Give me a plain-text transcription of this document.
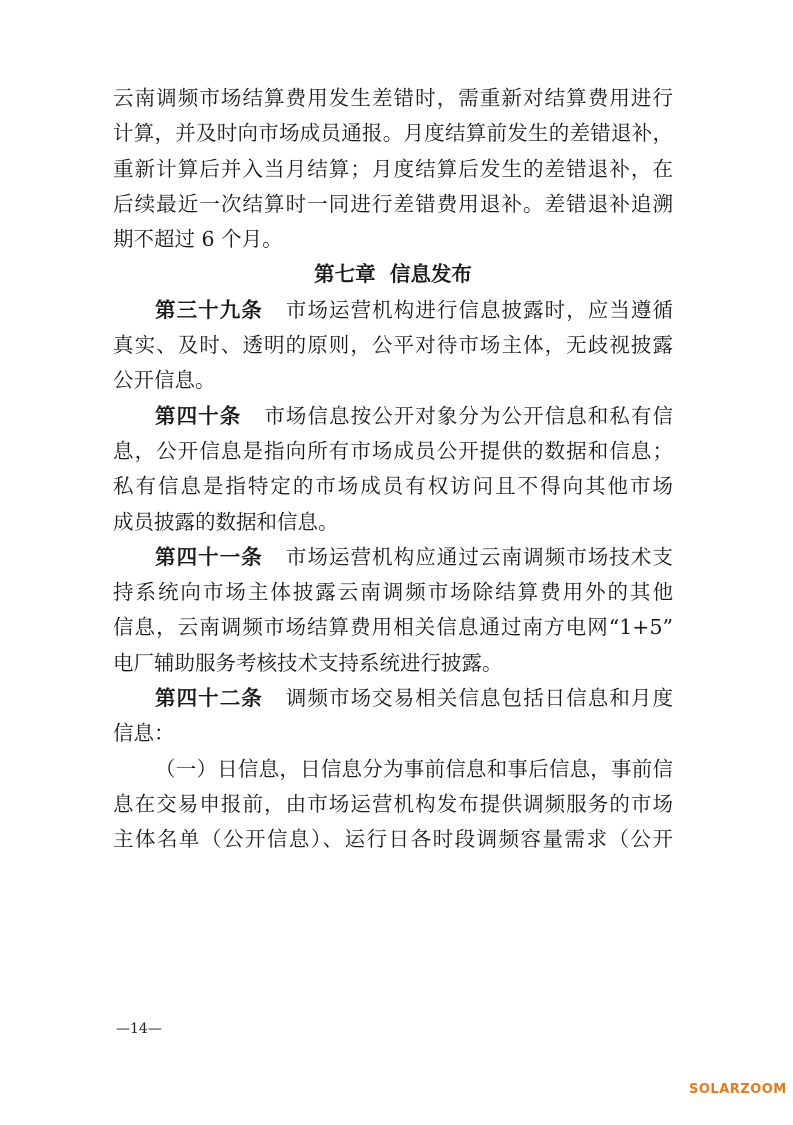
云南调频市场结算费用发生差错时，需重新对结算费用进行
计算，并及时向市场成员通报。月度结算前发生的差错退补，
重新计算后并入当月结算；月度结算后发生的差错退补，在
后续最近一次结算时一同进行差错费用退补。差错退补追溯
期不超过 6 个月。
第七章  信息发布
第三十九条 市场运营机构进行信息披露时，应当遵循
真实、及时、透明的原则，公平对待市场主体，无歧视披露
公开信息。
第四十条 市场信息按公开对象分为公开信息和私有信
息，公开信息是指向所有市场成员公开提供的数据和信息；
私有信息是指特定的市场成员有权访问且不得向其他市场
成员披露的数据和信息。
第四十一条 市场运营机构应通过云南调频市场技术支
持系统向市场主体披露云南调频市场除结算费用外的其他
信息，云南调频市场结算费用相关信息通过南方电网“1+5”
电厂辅助服务考核技术支持系统进行披露。
第四十二条 调频市场交易相关信息包括日信息和月度
信息：
（一）日信息，日信息分为事前信息和事后信息，事前信
息在交易申报前，由市场运营机构发布提供调频服务的市场
主体名单（公开信息）、运行日各时段调频容量需求（公开
—14—
SOLARZOOM
